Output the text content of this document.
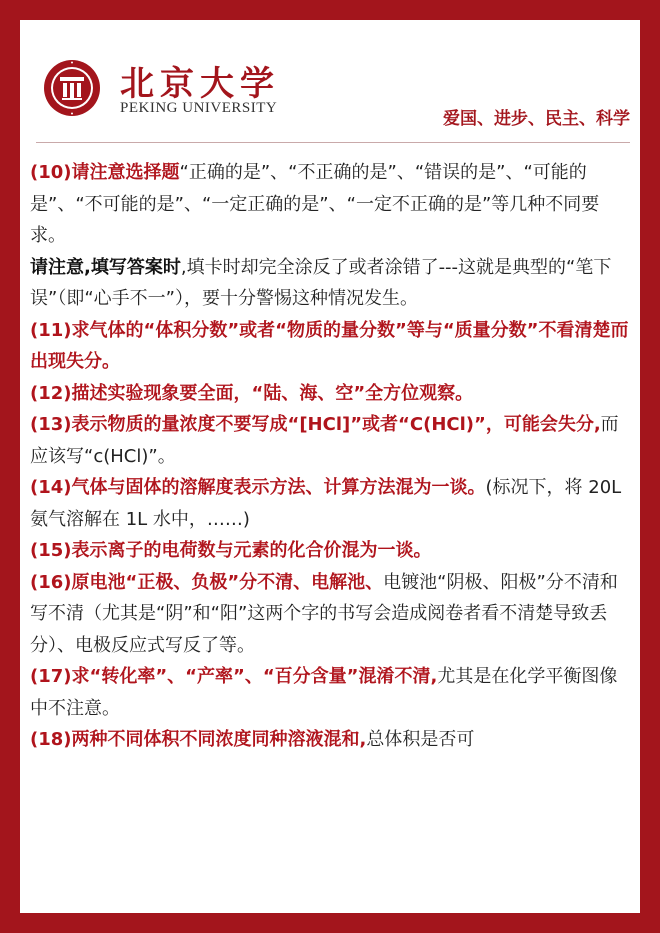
北京大学
PEKING UNIVERSITY
爱国、进步、民主、科学

(10)请注意选择题“正确的是”、“不正确的是”、“错误的是”、“可能的是”、“不可能的是”、“一定正确的是”、“一定不正确的是”等几种不同要求。

请注意,填写答案时,填卡时却完全涂反了或者涂错了---这就是典型的“笔下误”（即“心手不一”），要十分警惕这种情况发生。

(11)求气体的“体积分数”或者“物质的量分数”等与“质量分数”不看清楚而出现失分。

(12)描述实验现象要全面，“陆、海、空”全方位观察。

(13)表示物质的量浓度不要写成“[HCl]”或者“C(HCl)”，可能会失分,而应该写“c(HCl)”。

(14)气体与固体的溶解度表示方法、计算方法混为一谈。(标况下，将 20L 氨气溶解在 1L 水中，……)

(15)表示离子的电荷数与元素的化合价混为一谈。

(16)原电池“正极、负极”分不清、电解池、电镀池“阴极、阳极”分不清和写不清（尤其是“阴”和“阳”这两个字的书写会造成阅卷者看不清楚导致丢分）、电极反应式写反了等。

(17)求“转化率”、“产率”、“百分含量”混淆不清,尤其是在化学平衡图像中不注意。

(18)两种不同体积不同浓度同种溶液混和,总体积是否可
